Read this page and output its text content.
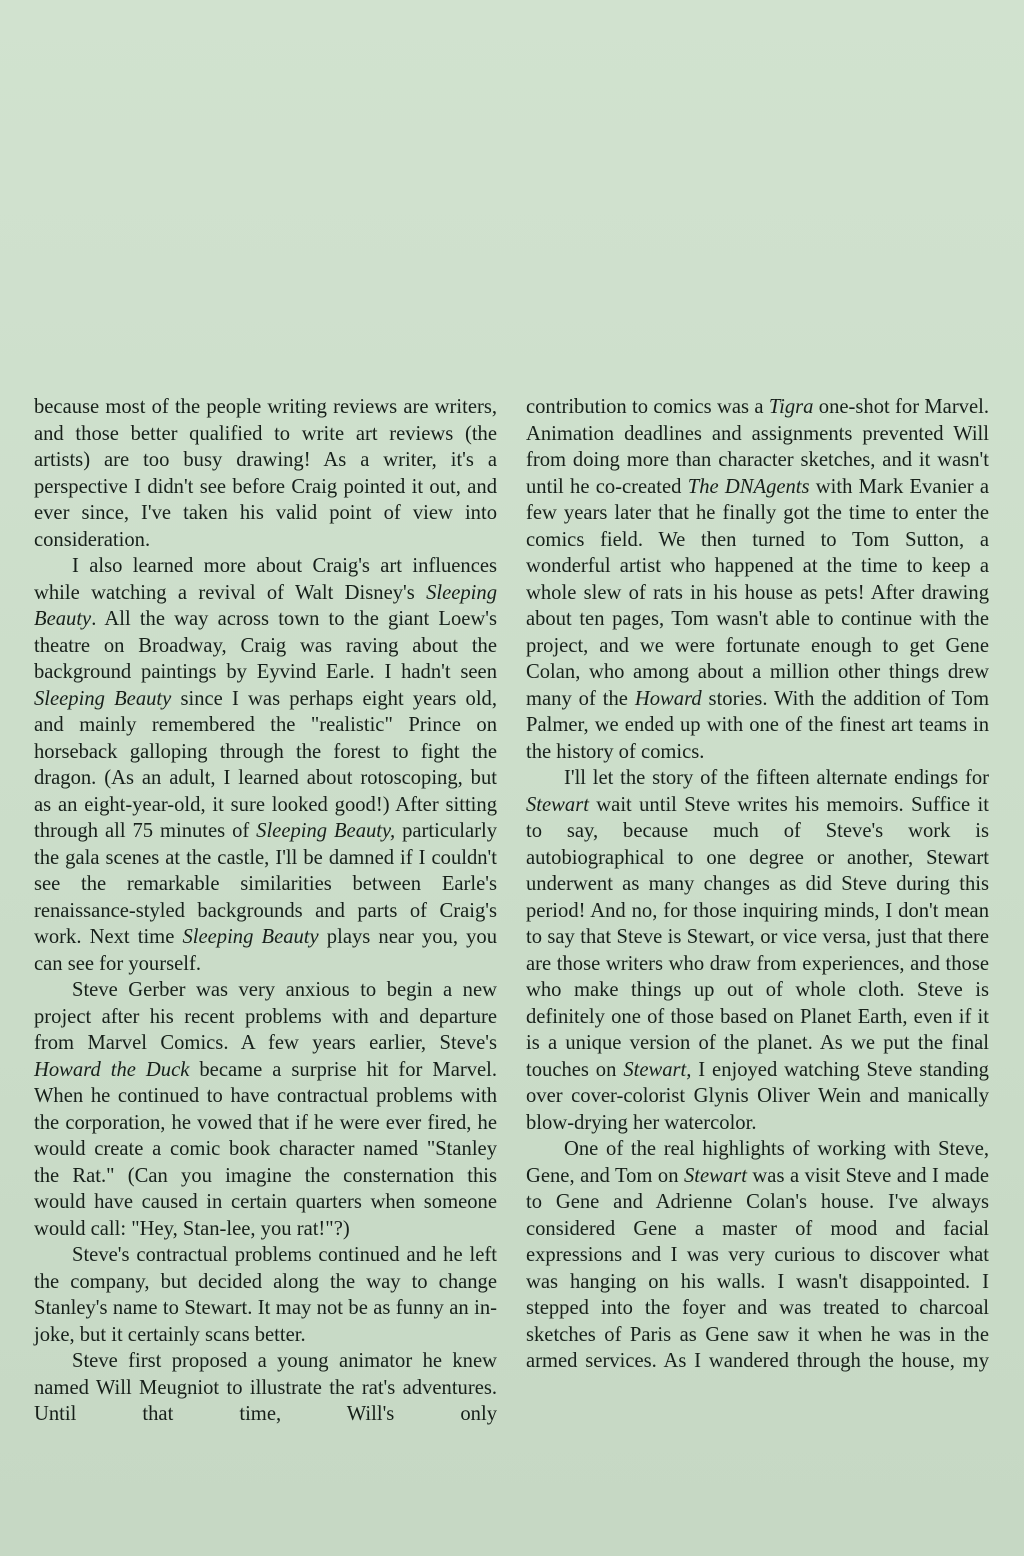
because most of the people writing reviews are writers, and those better qualified to write art reviews (the artists) are too busy drawing! As a writer, it's a perspective I didn't see before Craig pointed it out, and ever since, I've taken his valid point of view into consideration.

I also learned more about Craig's art influences while watching a revival of Walt Disney's Sleeping Beauty. All the way across town to the giant Loew's theatre on Broadway, Craig was raving about the background paintings by Eyvind Earle. I hadn't seen Sleeping Beauty since I was perhaps eight years old, and mainly remembered the "realistic" Prince on horseback galloping through the forest to fight the dragon. (As an adult, I learned about rotoscoping, but as an eight-year-old, it sure looked good!) After sitting through all 75 minutes of Sleeping Beauty, particularly the gala scenes at the castle, I'll be damned if I couldn't see the remarkable similarities between Earle's renaissance-styled backgrounds and parts of Craig's work. Next time Sleeping Beauty plays near you, you can see for yourself.

Steve Gerber was very anxious to begin a new project after his recent problems with and departure from Marvel Comics. A few years earlier, Steve's Howard the Duck became a surprise hit for Marvel. When he continued to have contractual problems with the corporation, he vowed that if he were ever fired, he would create a comic book character named "Stanley the Rat." (Can you imagine the consternation this would have caused in certain quarters when someone would call: "Hey, Stan-lee, you rat!"?)

Steve's contractual problems continued and he left the company, but decided along the way to change Stanley's name to Stewart. It may not be as funny an in-joke, but it certainly scans better.

Steve first proposed a young animator he knew named Will Meugniot to illustrate the rat's adventures. Until that time, Will's only

contribution to comics was a Tigra one-shot for Marvel. Animation deadlines and assignments prevented Will from doing more than character sketches, and it wasn't until he co-created The DNAgents with Mark Evanier a few years later that he finally got the time to enter the comics field. We then turned to Tom Sutton, a wonderful artist who happened at the time to keep a whole slew of rats in his house as pets! After drawing about ten pages, Tom wasn't able to continue with the project, and we were fortunate enough to get Gene Colan, who among about a million other things drew many of the Howard stories. With the addition of Tom Palmer, we ended up with one of the finest art teams in the history of comics.

I'll let the story of the fifteen alternate endings for Stewart wait until Steve writes his memoirs. Suffice it to say, because much of Steve's work is autobiographical to one degree or another, Stewart underwent as many changes as did Steve during this period! And no, for those inquiring minds, I don't mean to say that Steve is Stewart, or vice versa, just that there are those writers who draw from experiences, and those who make things up out of whole cloth. Steve is definitely one of those based on Planet Earth, even if it is a unique version of the planet. As we put the final touches on Stewart, I enjoyed watching Steve standing over cover-colorist Glynis Oliver Wein and manically blow-drying her watercolor.

One of the real highlights of working with Steve, Gene, and Tom on Stewart was a visit Steve and I made to Gene and Adrienne Colan's house. I've always considered Gene a master of mood and facial expressions and I was very curious to discover what was hanging on his walls. I wasn't disappointed. I stepped into the foyer and was treated to charcoal sketches of Paris as Gene saw it when he was in the armed services. As I wandered through the house, my
